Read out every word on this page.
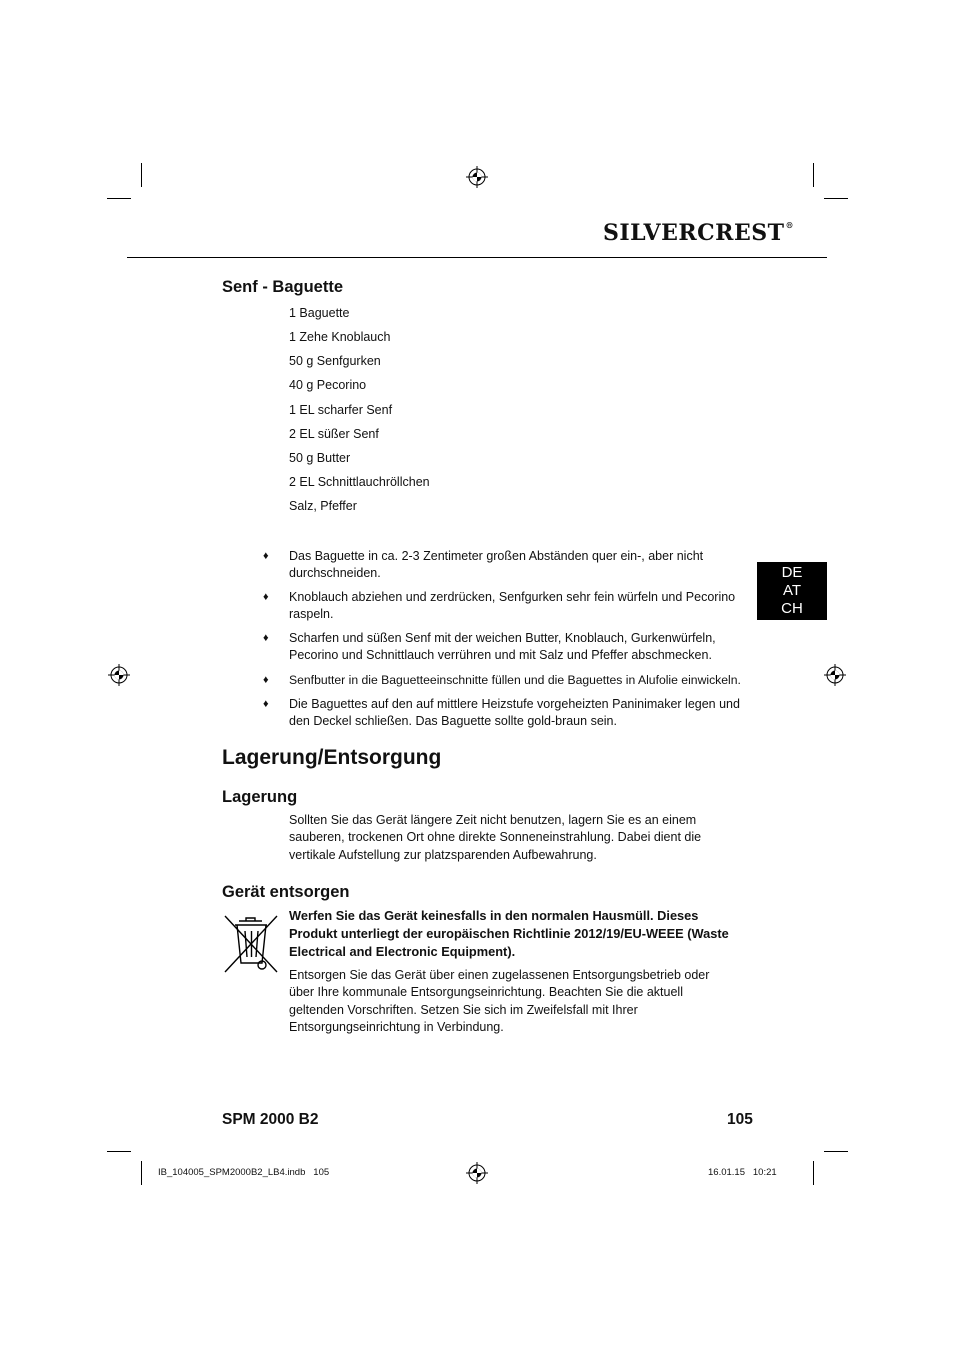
SILVERCREST®
Senf - Baguette
1 Baguette
1 Zehe Knoblauch
50 g Senfgurken
40 g Pecorino
1 EL scharfer Senf
2 EL süßer Senf
50 g Butter
2 EL Schnittlauchröllchen
Salz, Pfeffer
♦ Das Baguette in ca. 2-3 Zentimeter großen Abständen quer ein-, aber nicht durchschneiden.
♦ Knoblauch abziehen und zerdrücken, Senfgurken sehr fein würfeln und Pecorino raspeln.
♦ Scharfen und süßen Senf mit der weichen Butter, Knoblauch, Gurkenwürfeln, Pecorino und Schnittlauch verrühren und mit Salz und Pfeffer abschmecken.
♦ Senfbutter in die Baguetteeinschnitte füllen und die Baguettes in Alufolie einwickeln.
♦ Die Baguettes auf den auf mittlere Heizstufe vorgeheizten Paninimaker legen und den Deckel schließen. Das Baguette sollte gold-braun sein.
DE
AT
CH
Lagerung/Entsorgung
Lagerung
Sollten Sie das Gerät längere Zeit nicht benutzen, lagern Sie es an einem sauberen, trockenen Ort ohne direkte Sonneneinstrahlung. Dabei dient die vertikale Aufstellung zur platzsparenden Aufbewahrung.
Gerät entsorgen
Werfen Sie das Gerät keinesfalls in den normalen Hausmüll. Dieses Produkt unterliegt der europäischen Richtlinie 2012/19/EU-WEEE (Waste Electrical and Electronic Equipment).
Entsorgen Sie das Gerät über einen zugelassenen Entsorgungsbetrieb oder über Ihre kommunale Entsorgungseinrichtung. Beachten Sie die aktuell geltenden Vorschriften. Setzen Sie sich im Zweifelsfall mit Ihrer Entsorgungseinrichtung in Verbindung.
SPM 2000 B2	105
IB_104005_SPM2000B2_LB4.indb   105	16.01.15   10:21
